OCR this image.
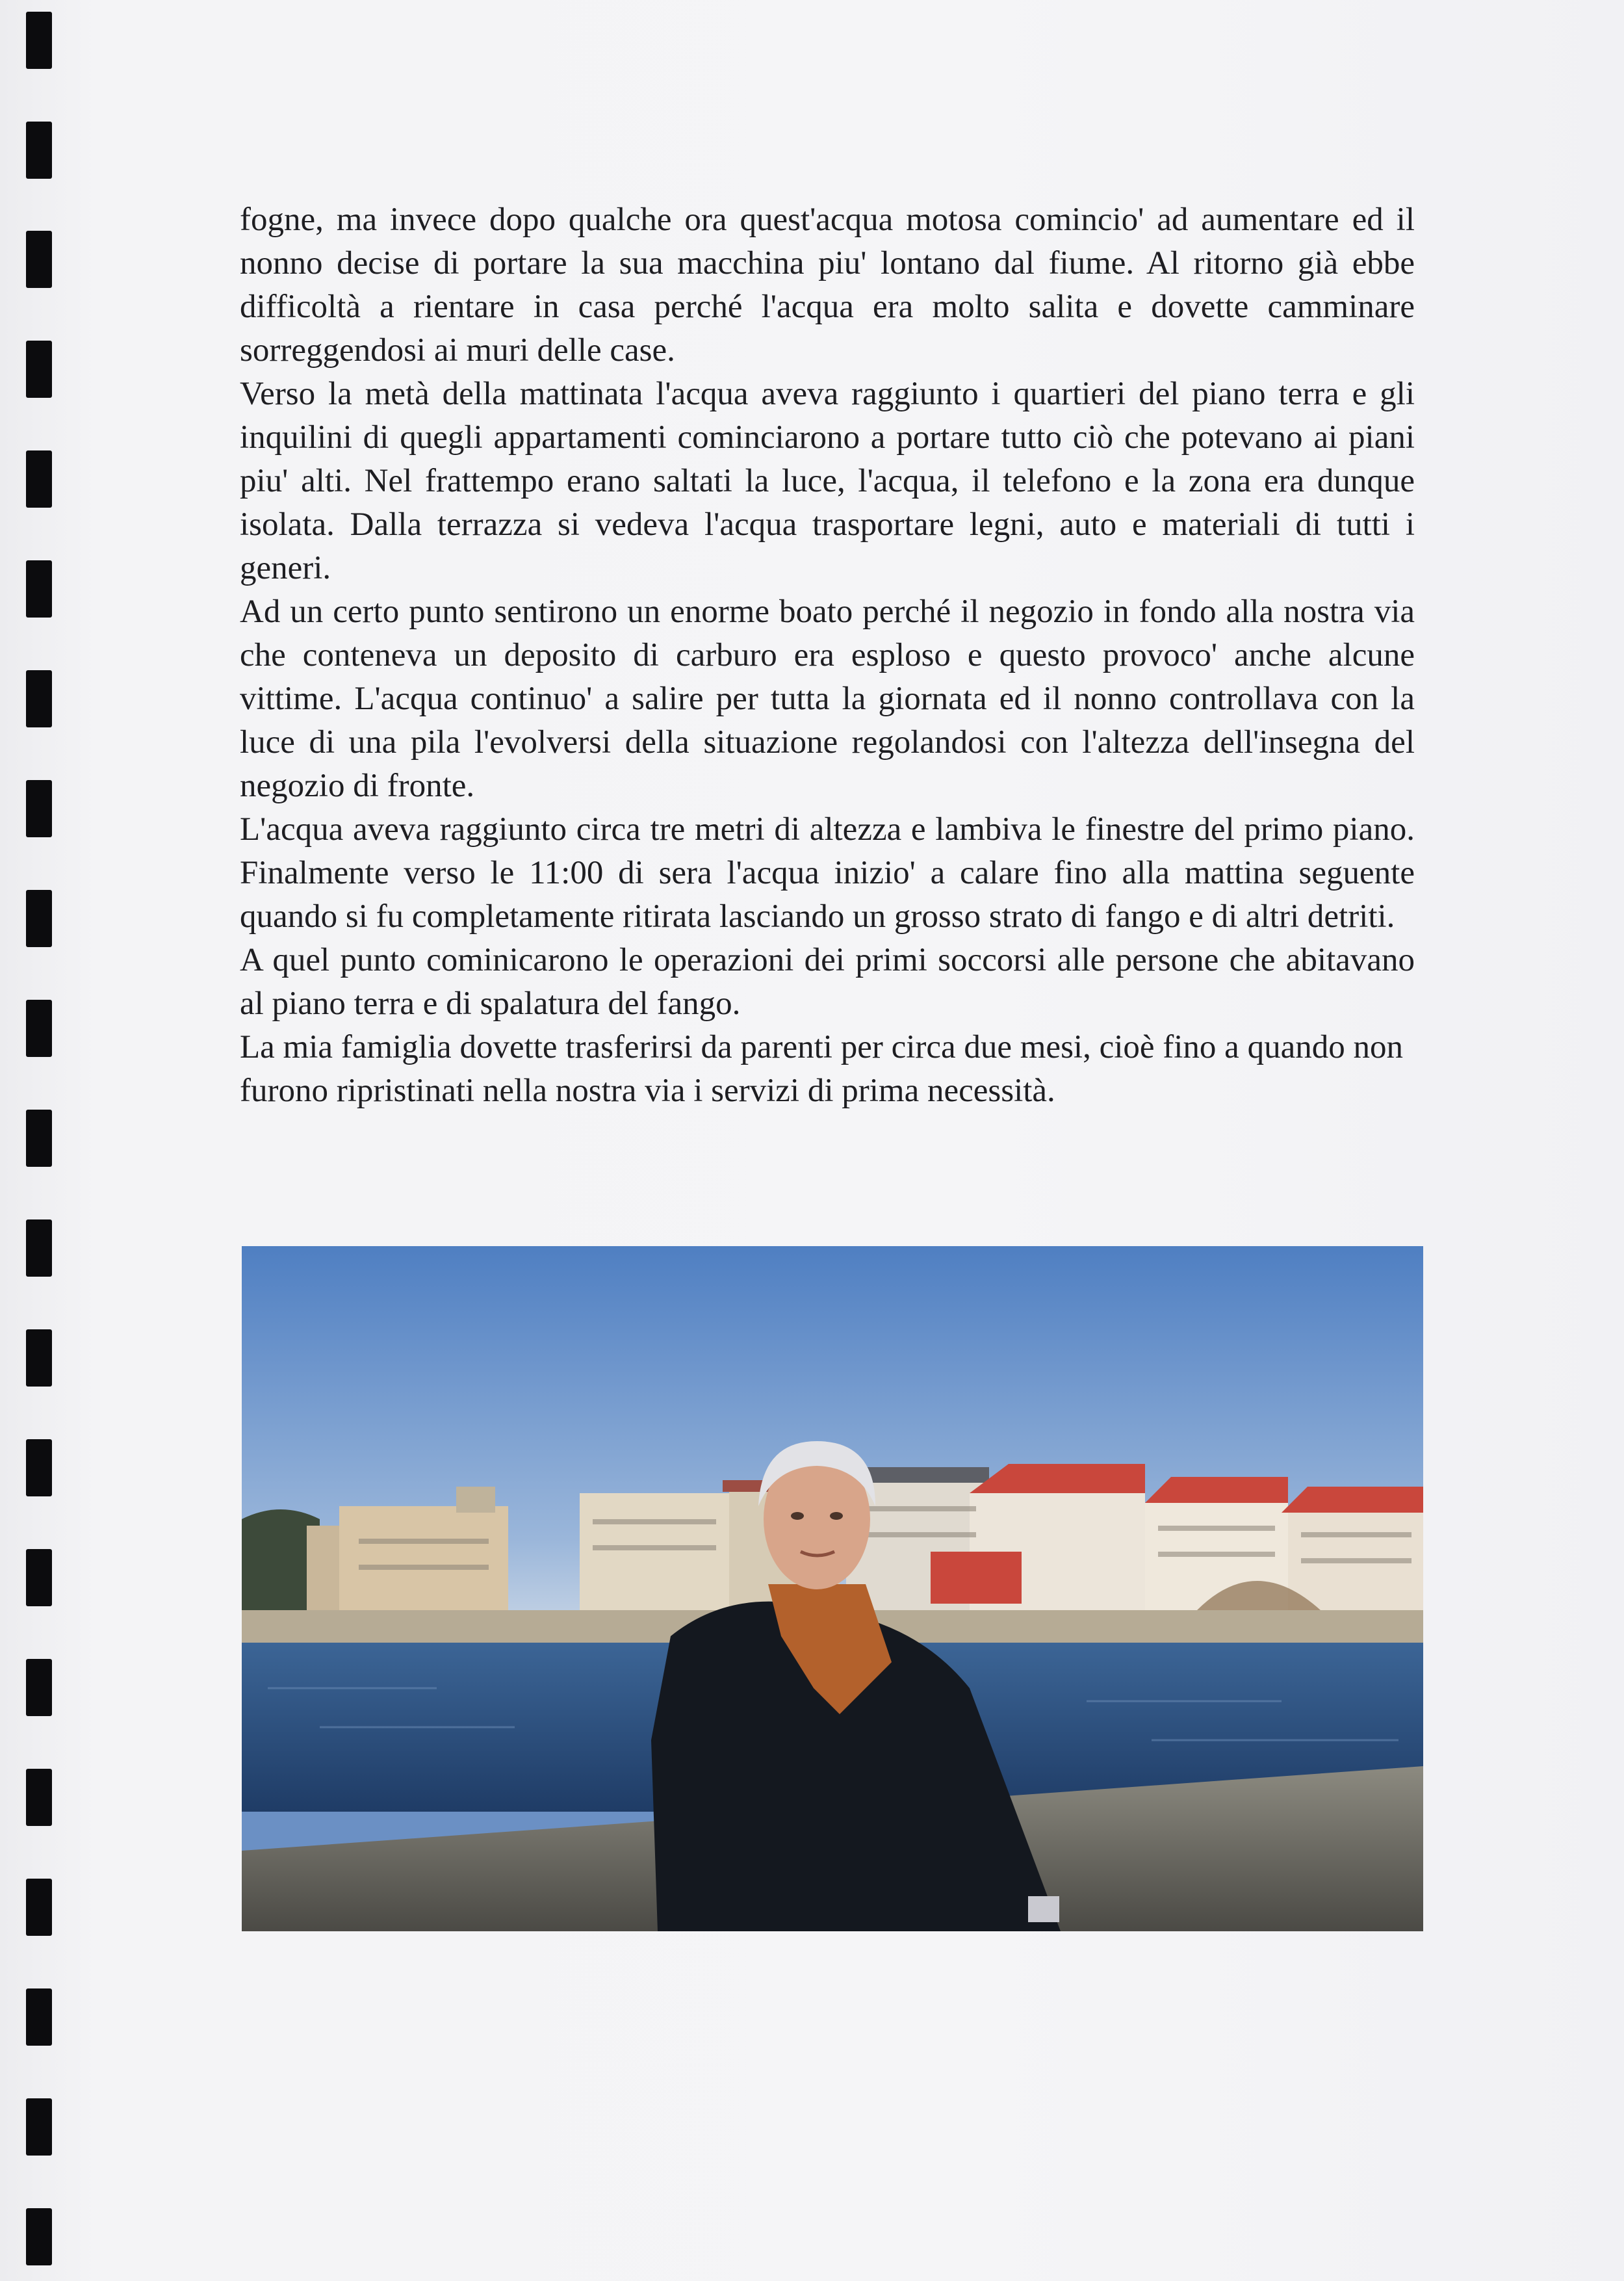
fogne, ma invece dopo qualche ora quest'acqua motosa comincio' ad aumentare ed il nonno decise di portare la sua macchina piu' lontano dal fiume. Al ritorno già ebbe difficoltà a rientare in casa perché l'acqua era molto salita e dovette camminare sorreggendosi ai muri delle case.

Verso la metà della mattinata l'acqua aveva raggiunto i quartieri del piano terra e gli inquilini di quegli appartamenti cominciarono a portare tutto ciò che potevano ai piani piu' alti. Nel frattempo erano saltati la luce, l'acqua, il telefono e la zona era dunque isolata. Dalla terrazza si vedeva l'acqua trasportare legni, auto e materiali di tutti i generi.

Ad un certo punto sentirono un enorme boato perché il negozio in fondo alla nostra via che conteneva un deposito di carburo era esploso e questo provoco' anche alcune vittime. L'acqua continuo' a salire per tutta la giornata ed il nonno controllava con la luce di una pila l'evolversi della situazione regolandosi con l'altezza dell'insegna del negozio di fronte.

L'acqua aveva raggiunto circa tre metri di altezza e lambiva le finestre del primo piano. Finalmente verso le 11:00 di sera l'acqua inizio' a calare fino alla mattina seguente quando si fu completamente ritirata lasciando un grosso strato di fango e di altri detriti.

A quel punto cominicarono le operazioni dei primi soccorsi alle persone che abitavano al piano terra e di spalatura del fango.

La mia famiglia dovette trasferirsi da parenti per circa due mesi, cioè fino a quando non furono ripristinati nella nostra via i servizi di prima necessità.
